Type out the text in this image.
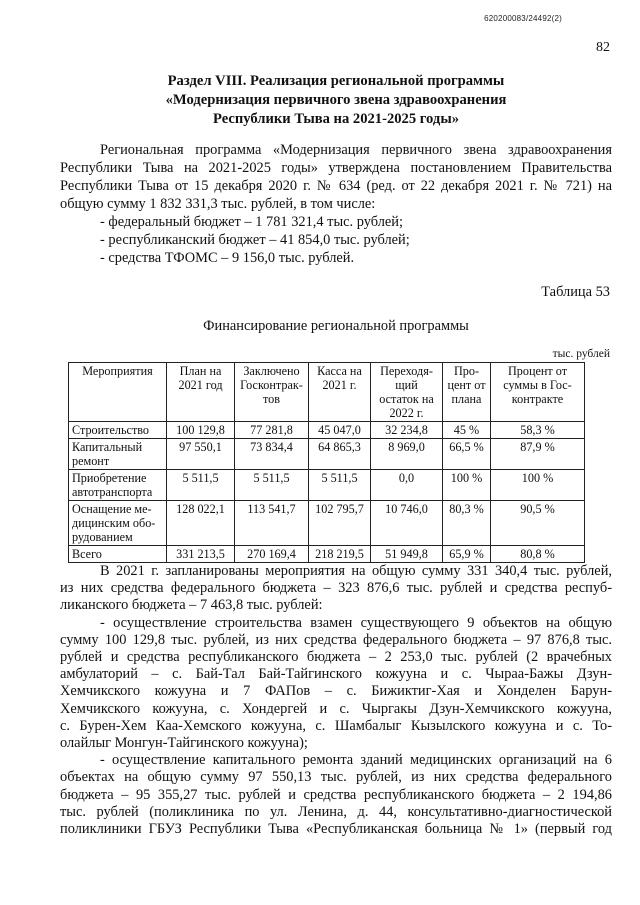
620200083/24492(2)
82
Раздел VIII. Реализация региональной программы
«Модернизация первичного звена здравоохранения
Республики Тыва на 2021-2025 годы»
Региональная программа «Модернизация первичного звена здравоохранения
Республики Тыва на 2021-2025 годы» утверждена постановлением Правительства
Республики Тыва от 15 декабря 2020 г. № 634 (ред. от 22 декабря 2021 г. № 721) на
общую сумму 1 832 331,3 тыс. рублей, в том числе:
- федеральный бюджет – 1 781 321,4 тыс. рублей;
- республиканский бюджет – 41 854,0 тыс. рублей;
- средства ТФОМС – 9 156,0 тыс. рублей.
Таблица 53
Финансирование региональной программы
тыс. рублей
Мероприятия	План на 2021 год	Заключено Госконтрак-тов	Касса на 2021 г.	Переходя-щий остаток на 2022 г.	Про-цент от плана	Процент от суммы в Гос-контракте
Строительство	100 129,8	77 281,8	45 047,0	32 234,8	45 %	58,3 %
Капитальный ремонт	97 550,1	73 834,4	64 865,3	8 969,0	66,5 %	87,9 %
Приобретение автотранспорта	5 511,5	5 511,5	5 511,5	0,0	100 %	100 %
Оснащение ме-дицинским обо-рудованием	128 022,1	113 541,7	102 795,7	10 746,0	80,3 %	90,5 %
Всего	331 213,5	270 169,4	218 219,5	51 949,8	65,9 %	80,8 %
В 2021 г. запланированы мероприятия на общую сумму 331 340,4 тыс. рублей,
из них средства федерального бюджета – 323 876,6 тыс. рублей и средства респуб-
ликанского бюджета – 7 463,8 тыс. рублей:
- осуществление строительства взамен существующего 9 объектов на общую
сумму 100 129,8 тыс. рублей, из них средства федерального бюджета – 97 876,8 тыс.
рублей и средства республиканского бюджета – 2 253,0 тыс. рублей (2 врачебных
амбулаторий – с. Бай-Тал Бай-Тайгинского кожууна и с. Чыраа-Бажы Дзун-
Хемчикского кожууна и 7 ФАПов – с. Бижиктиг-Хая и Хонделен Барун-
Хемчикского кожууна, с. Хондергей и с. Чыргакы Дзун-Хемчикского кожууна,
с. Бурен-Хем Каа-Хемского кожууна, с. Шамбалыг Кызылского кожууна и с. То-
олайлыг Монгун-Тайгинского кожууна);
- осуществление капитального ремонта зданий медицинских организаций на 6
объектах на общую сумму 97 550,13 тыс. рублей, из них средства федерального
бюджета – 95 355,27 тыс. рублей и средства республиканского бюджета – 2 194,86
тыс. рублей (поликлиника по ул. Ленина, д. 44, консультативно-диагностической
поликлиники ГБУЗ Республики Тыва «Республиканская больница № 1» (первый год
